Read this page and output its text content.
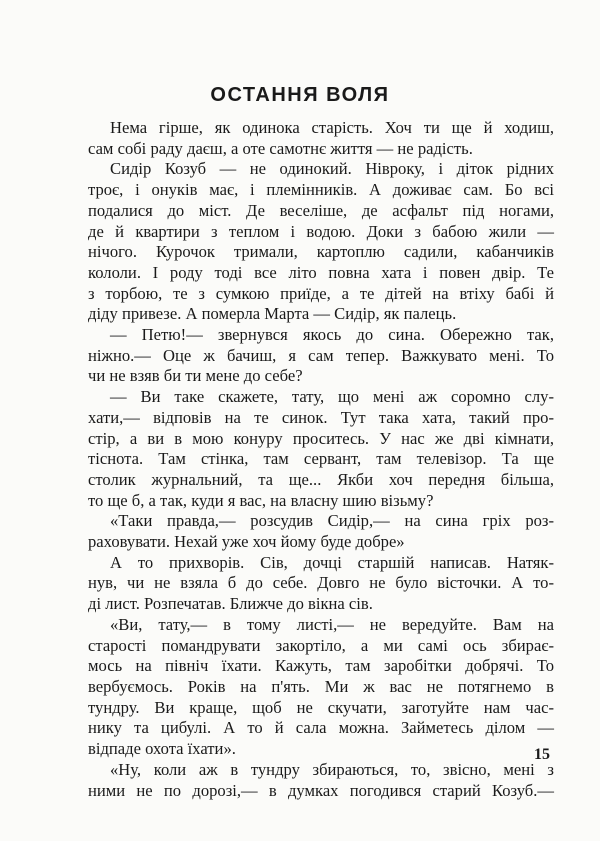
ОСТАННЯ ВОЛЯ

Нема гірше, як одинока старість. Хоч ти ще й ходиш,
сам собі раду даєш, а оте самотнє життя — не радість.

Сидір Козуб — не одинокий. Нівроку, і діток рідних
троє, і онуків має, і племінників. А доживає сам. Бо всі
подалися до міст. Де веселіше, де асфальт під ногами,
де й квартири з теплом і водою. Доки з бабою жили —
нічого. Курочок тримали, картоплю садили, кабанчиків
кололи. І роду тоді все літо повна хата і повен двір. Те
з торбою, те з сумкою приїде, а те дітей на втіху бабі й
діду привезе. А померла Марта — Сидір, як палець.

— Петю!— звернувся якось до сина. Обережно так,
ніжно.— Оце ж бачиш, я сам тепер. Важкувато мені. То
чи не взяв би ти мене до себе?

— Ви таке скажете, тату, що мені аж соромно слу-
хати,— відповів на те синок. Тут така хата, такий про-
стір, а ви в мою конуру проситесь. У нас же дві кімнати,
тіснота. Там стінка, там сервант, там телевізор. Та ще
столик журнальний, та ще... Якби хоч передня більша,
то ще б, а так, куди я вас, на власну шию візьму?

«Таки правда,— розсудив Сидір,— на сина гріх роз-
раховувати. Нехай уже хоч йому буде добре»

А то прихворів. Сів, дочці старшій написав. Натяк-
нув, чи не взяла б до себе. Довго не було вісточки. А то-
ді лист. Розпечатав. Ближче до вікна сів.

«Ви, тату,— в тому листі,— не вередуйте. Вам на
старості помандрувати закортіло, а ми самі ось збирає-
мось на північ їхати. Кажуть, там заробітки добрячі. То
вербуємось. Років на п'ять. Ми ж вас не потягнемо в
тундру. Ви краще, щоб не скучати, заготуйте нам час-
нику та цибулі. А то й сала можна. Займетесь ділом —
відпаде охота їхати».

«Ну, коли аж в тундру збираються, то, звісно, мені з
ними не по дорозі,— в думках погодився старий Козуб.—

15
